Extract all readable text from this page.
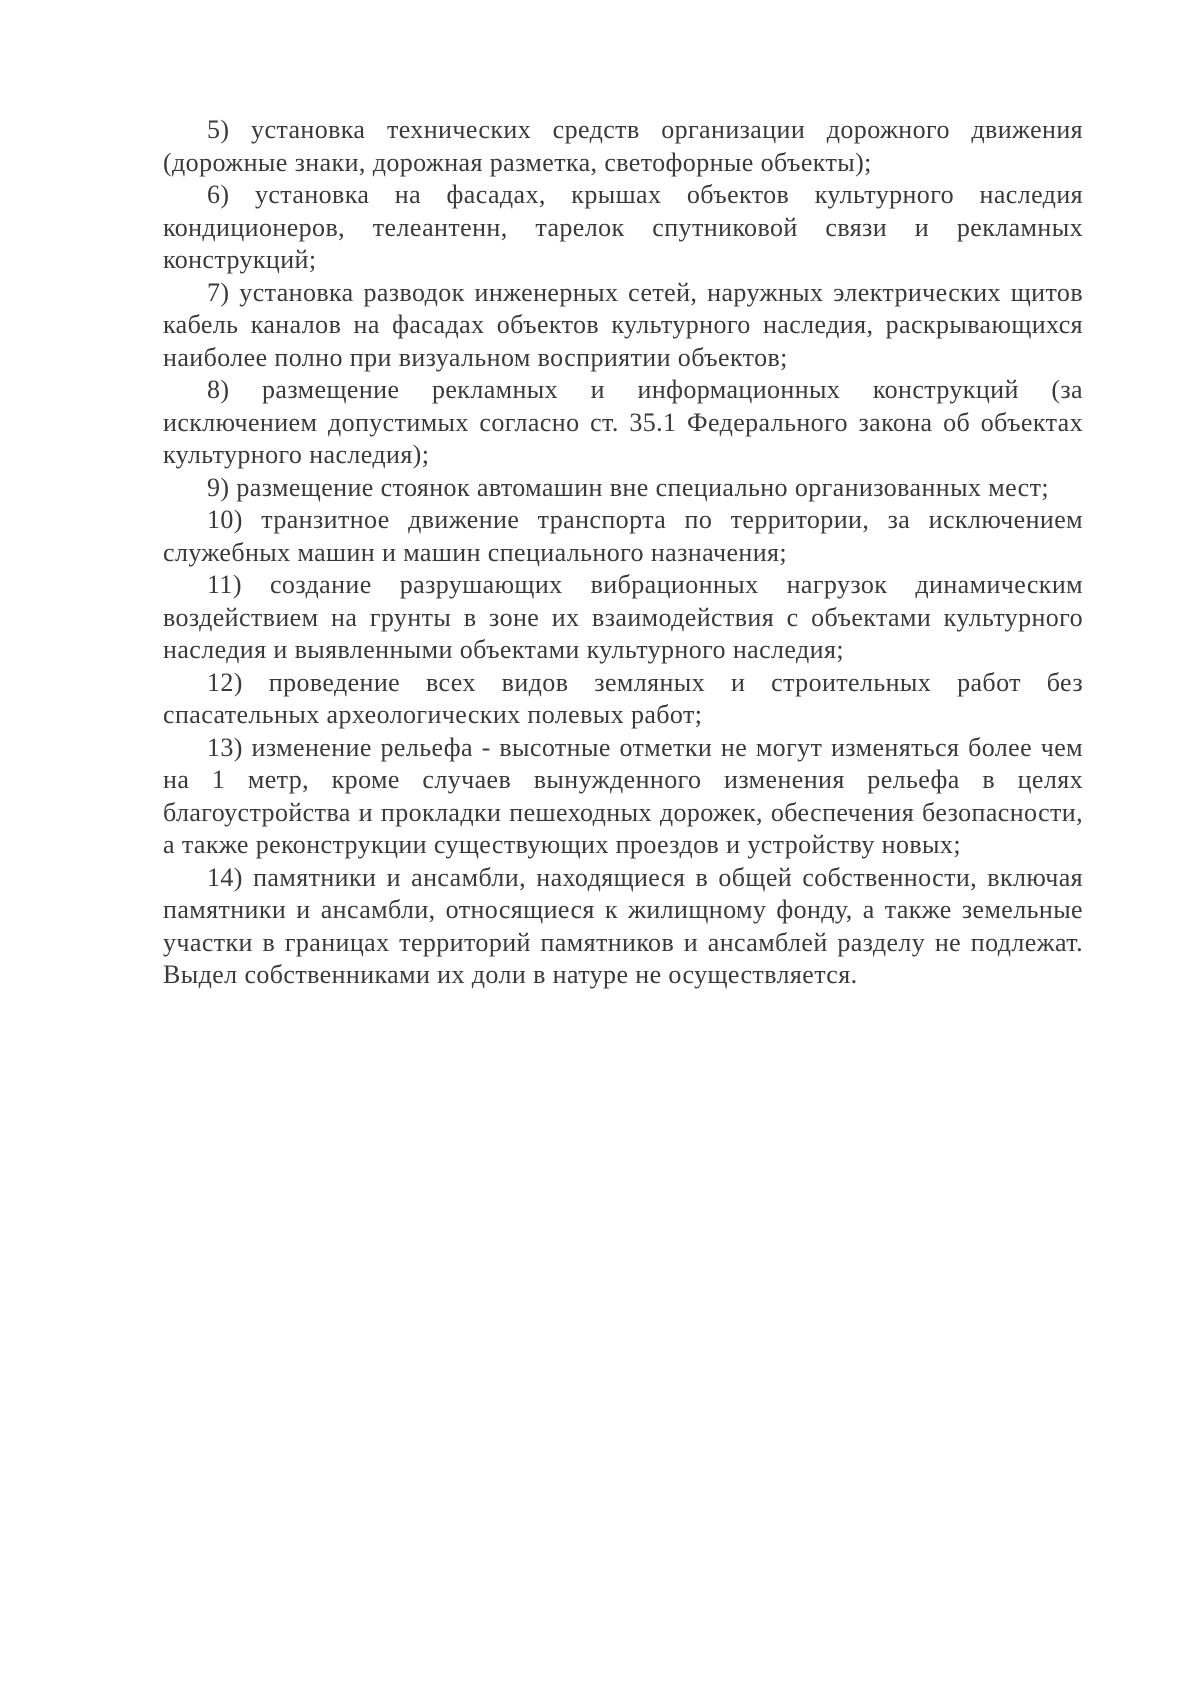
5) установка технических средств организации дорожного движения (дорожные знаки, дорожная разметка, светофорные объекты);

6) установка на фасадах, крышах объектов культурного наследия кондиционеров, телеантенн, тарелок спутниковой связи и рекламных конструкций;

7) установка разводок инженерных сетей, наружных электрических щитов кабель каналов на фасадах объектов культурного наследия, раскрывающихся наиболее полно при визуальном восприятии объектов;

8) размещение рекламных и информационных конструкций (за исключением допустимых согласно ст. 35.1 Федерального закона об объектах культурного наследия);

9) размещение стоянок автомашин вне специально организованных мест;

10) транзитное движение транспорта по территории, за исключением служебных машин и машин специального назначения;

11) создание разрушающих вибрационных нагрузок динамическим воздействием на грунты в зоне их взаимодействия с объектами культурного наследия и выявленными объектами культурного наследия;

12) проведение всех видов земляных и строительных работ без спасательных археологических полевых работ;

13) изменение рельефа - высотные отметки не могут изменяться более чем на 1 метр, кроме случаев вынужденного изменения рельефа в целях благоустройства и прокладки пешеходных дорожек, обеспечения безопасности, а также реконструкции существующих проездов и устройству новых;

14) памятники и ансамбли, находящиеся в общей собственности, включая памятники и ансамбли, относящиеся к жилищному фонду, а также земельные участки в границах территорий памятников и ансамблей разделу не подлежат. Выдел собственниками их доли в натуре не осуществляется.
